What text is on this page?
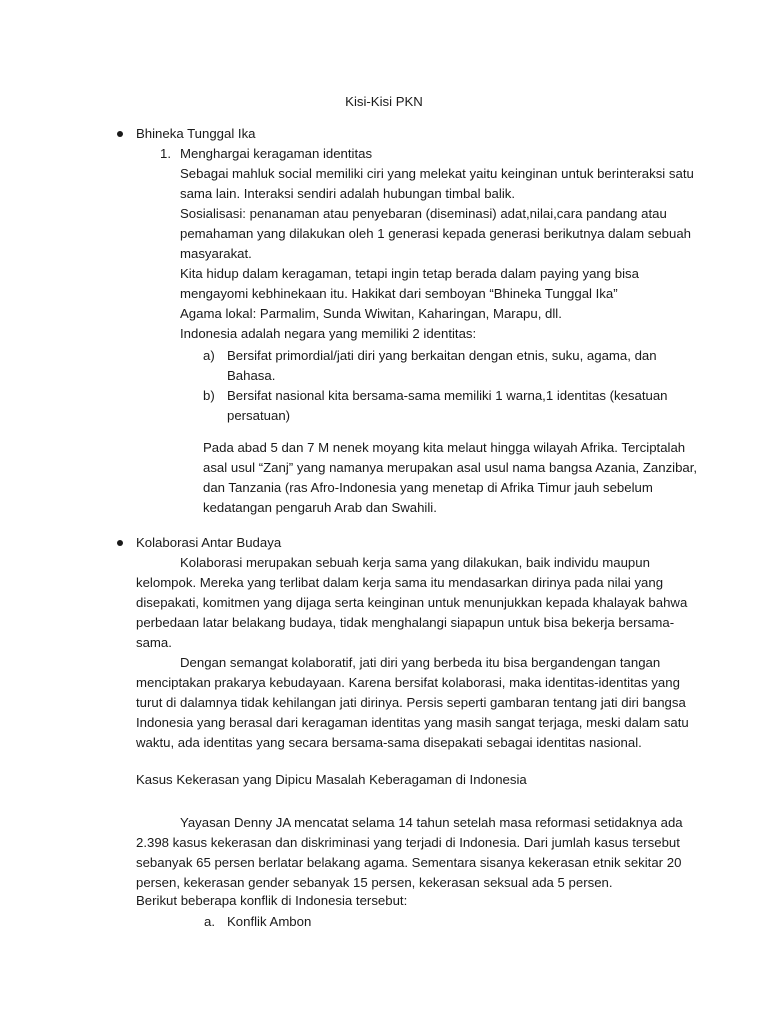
Kisi-Kisi PKN
Bhineka Tunggal Ika
1. Menghargai keragaman identitas
Sebagai mahluk social memiliki ciri yang melekat yaitu keinginan untuk berinteraksi satu
sama lain. Interaksi sendiri adalah hubungan timbal balik.
Sosialisasi: penanaman atau penyebaran (diseminasi) adat,nilai,cara pandang atau
pemahaman yang dilakukan oleh 1 generasi kepada generasi berikutnya dalam sebuah
masyarakat.
Kita hidup dalam keragaman, tetapi ingin tetap berada dalam paying yang bisa
mengayomi kebhinekaan itu. Hakikat dari semboyan “Bhineka Tunggal Ika”
Agama lokal: Parmalim, Sunda Wiwitan, Kaharingan, Marapu, dll.
Indonesia adalah negara yang memiliki 2 identitas:
a) Bersifat primordial/jati diri yang berkaitan dengan etnis, suku, agama, dan
Bahasa.
b) Bersifat nasional kita bersama-sama memiliki 1 warna,1 identitas (kesatuan
persatuan)
Pada abad 5 dan 7 M nenek moyang kita melaut hingga wilayah Afrika. Terciptalah
asal usul “Zanj” yang namanya merupakan asal usul nama bangsa Azania, Zanzibar,
dan Tanzania (ras Afro-Indonesia yang menetap di Afrika Timur jauh sebelum
kedatangan pengaruh Arab dan Swahili.
Kolaborasi Antar Budaya
Kolaborasi merupakan sebuah kerja sama yang dilakukan, baik individu maupun
kelompok. Mereka yang terlibat dalam kerja sama itu mendasarkan dirinya pada nilai yang
disepakati, komitmen yang dijaga serta keinginan untuk menunjukkan kepada khalayak bahwa
perbedaan latar belakang budaya, tidak menghalangi siapapun untuk bisa bekerja bersama-
sama.
Dengan semangat kolaboratif, jati diri yang berbeda itu bisa bergandengan tangan
menciptakan prakarya kebudayaan. Karena bersifat kolaborasi, maka identitas-identitas yang
turut di dalamnya tidak kehilangan jati dirinya. Persis seperti gambaran tentang jati diri bangsa
Indonesia yang berasal dari keragaman identitas yang masih sangat terjaga, meski dalam satu
waktu, ada identitas yang secara bersama-sama disepakati sebagai identitas nasional.
Kasus Kekerasan yang Dipicu Masalah Keberagaman di Indonesia
Yayasan Denny JA mencatat selama 14 tahun setelah masa reformasi setidaknya ada
2.398 kasus kekerasan dan diskriminasi yang terjadi di Indonesia. Dari jumlah kasus tersebut
sebanyak 65 persen berlatar belakang agama. Sementara sisanya kekerasan etnik sekitar 20
persen, kekerasan gender sebanyak 15 persen, kekerasan seksual ada 5 persen.
Berikut beberapa konflik di Indonesia tersebut:
a. Konflik Ambon
